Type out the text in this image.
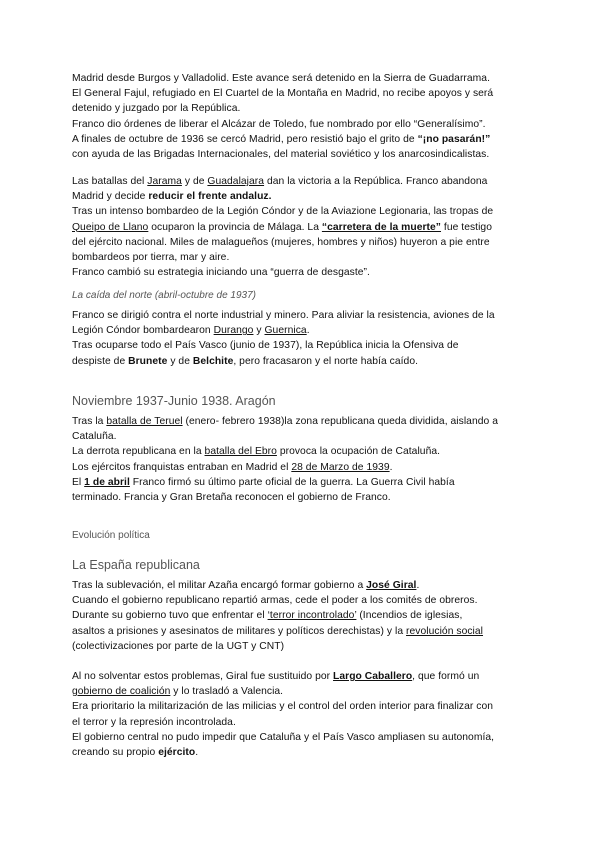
Madrid desde Burgos y Valladolid. Este avance será detenido en la Sierra de Guadarrama.
El General Fajul, refugiado en El Cuartel de la Montaña en Madrid, no recibe apoyos y será
detenido y juzgado por la República.
Franco dio órdenes de liberar el Alcázar de Toledo, fue nombrado por ello “Generalísimo”.
A finales de octubre de 1936 se cercó Madrid, pero resistió bajo el grito de “¡no pasarán!”
con ayuda de las Brigadas Internacionales, del material soviético y los anarcosindicalistas.
Las batallas del Jarama y de Guadalajara dan la victoria a la República. Franco abandona
Madrid y decide reducir el frente andaluz.
Tras un intenso bombardeo de la Legión Cóndor y de la Aviazione Legionaria, las tropas de
Queipo de Llano ocuparon la provincia de Málaga. La “carretera de la muerte” fue testigo
del ejército nacional. Miles de malagueños (mujeres, hombres y niños) huyeron a pie entre
bombardeos por tierra, mar y aire.
Franco cambió su estrategia iniciando una “guerra de desgaste”.
La caída del norte (abril-octubre de 1937)
Franco se dirigió contra el norte industrial y minero. Para aliviar la resistencia, aviones de la
Legión Cóndor bombardearon Durango y Guernica.
Tras ocuparse todo el País Vasco (junio de 1937), la República inicia la Ofensiva de
despiste de Brunete y de Belchite, pero fracasaron y el norte había caído.
Noviembre 1937-Junio 1938. Aragón
Tras la batalla de Teruel (enero- febrero 1938)la zona republicana queda dividida, aislando a
Cataluña.
La derrota republicana en la batalla del Ebro provoca la ocupación de Cataluña.
Los ejércitos franquistas entraban en Madrid el 28 de Marzo de 1939.
El 1 de abril Franco firmó su último parte oficial de la guerra. La Guerra Civil había
terminado. Francia y Gran Bretaña reconocen el gobierno de Franco.
Evolución política
La España republicana
Tras la sublevación, el militar Azaña encargó formar gobierno a José Giral.
Cuando el gobierno republicano repartió armas, cede el poder a los comités de obreros.
Durante su gobierno tuvo que enfrentar el ‘terror incontrolado’ (Incendios de iglesias,
asaltos a prisiones y asesinatos de militares y políticos derechistas) y la revolución social
(colectivizaciones por parte de la UGT y CNT)
Al no solventar estos problemas, Giral fue sustituido por Largo Caballero, que formó un
gobierno de coalición y lo trasladó a Valencia.
Era prioritario la militarización de las milicias y el control del orden interior para finalizar con
el terror y la represión incontrolada.
El gobierno central no pudo impedir que Cataluña y el País Vasco ampliasen su autonomía,
creando su propio ejército.
